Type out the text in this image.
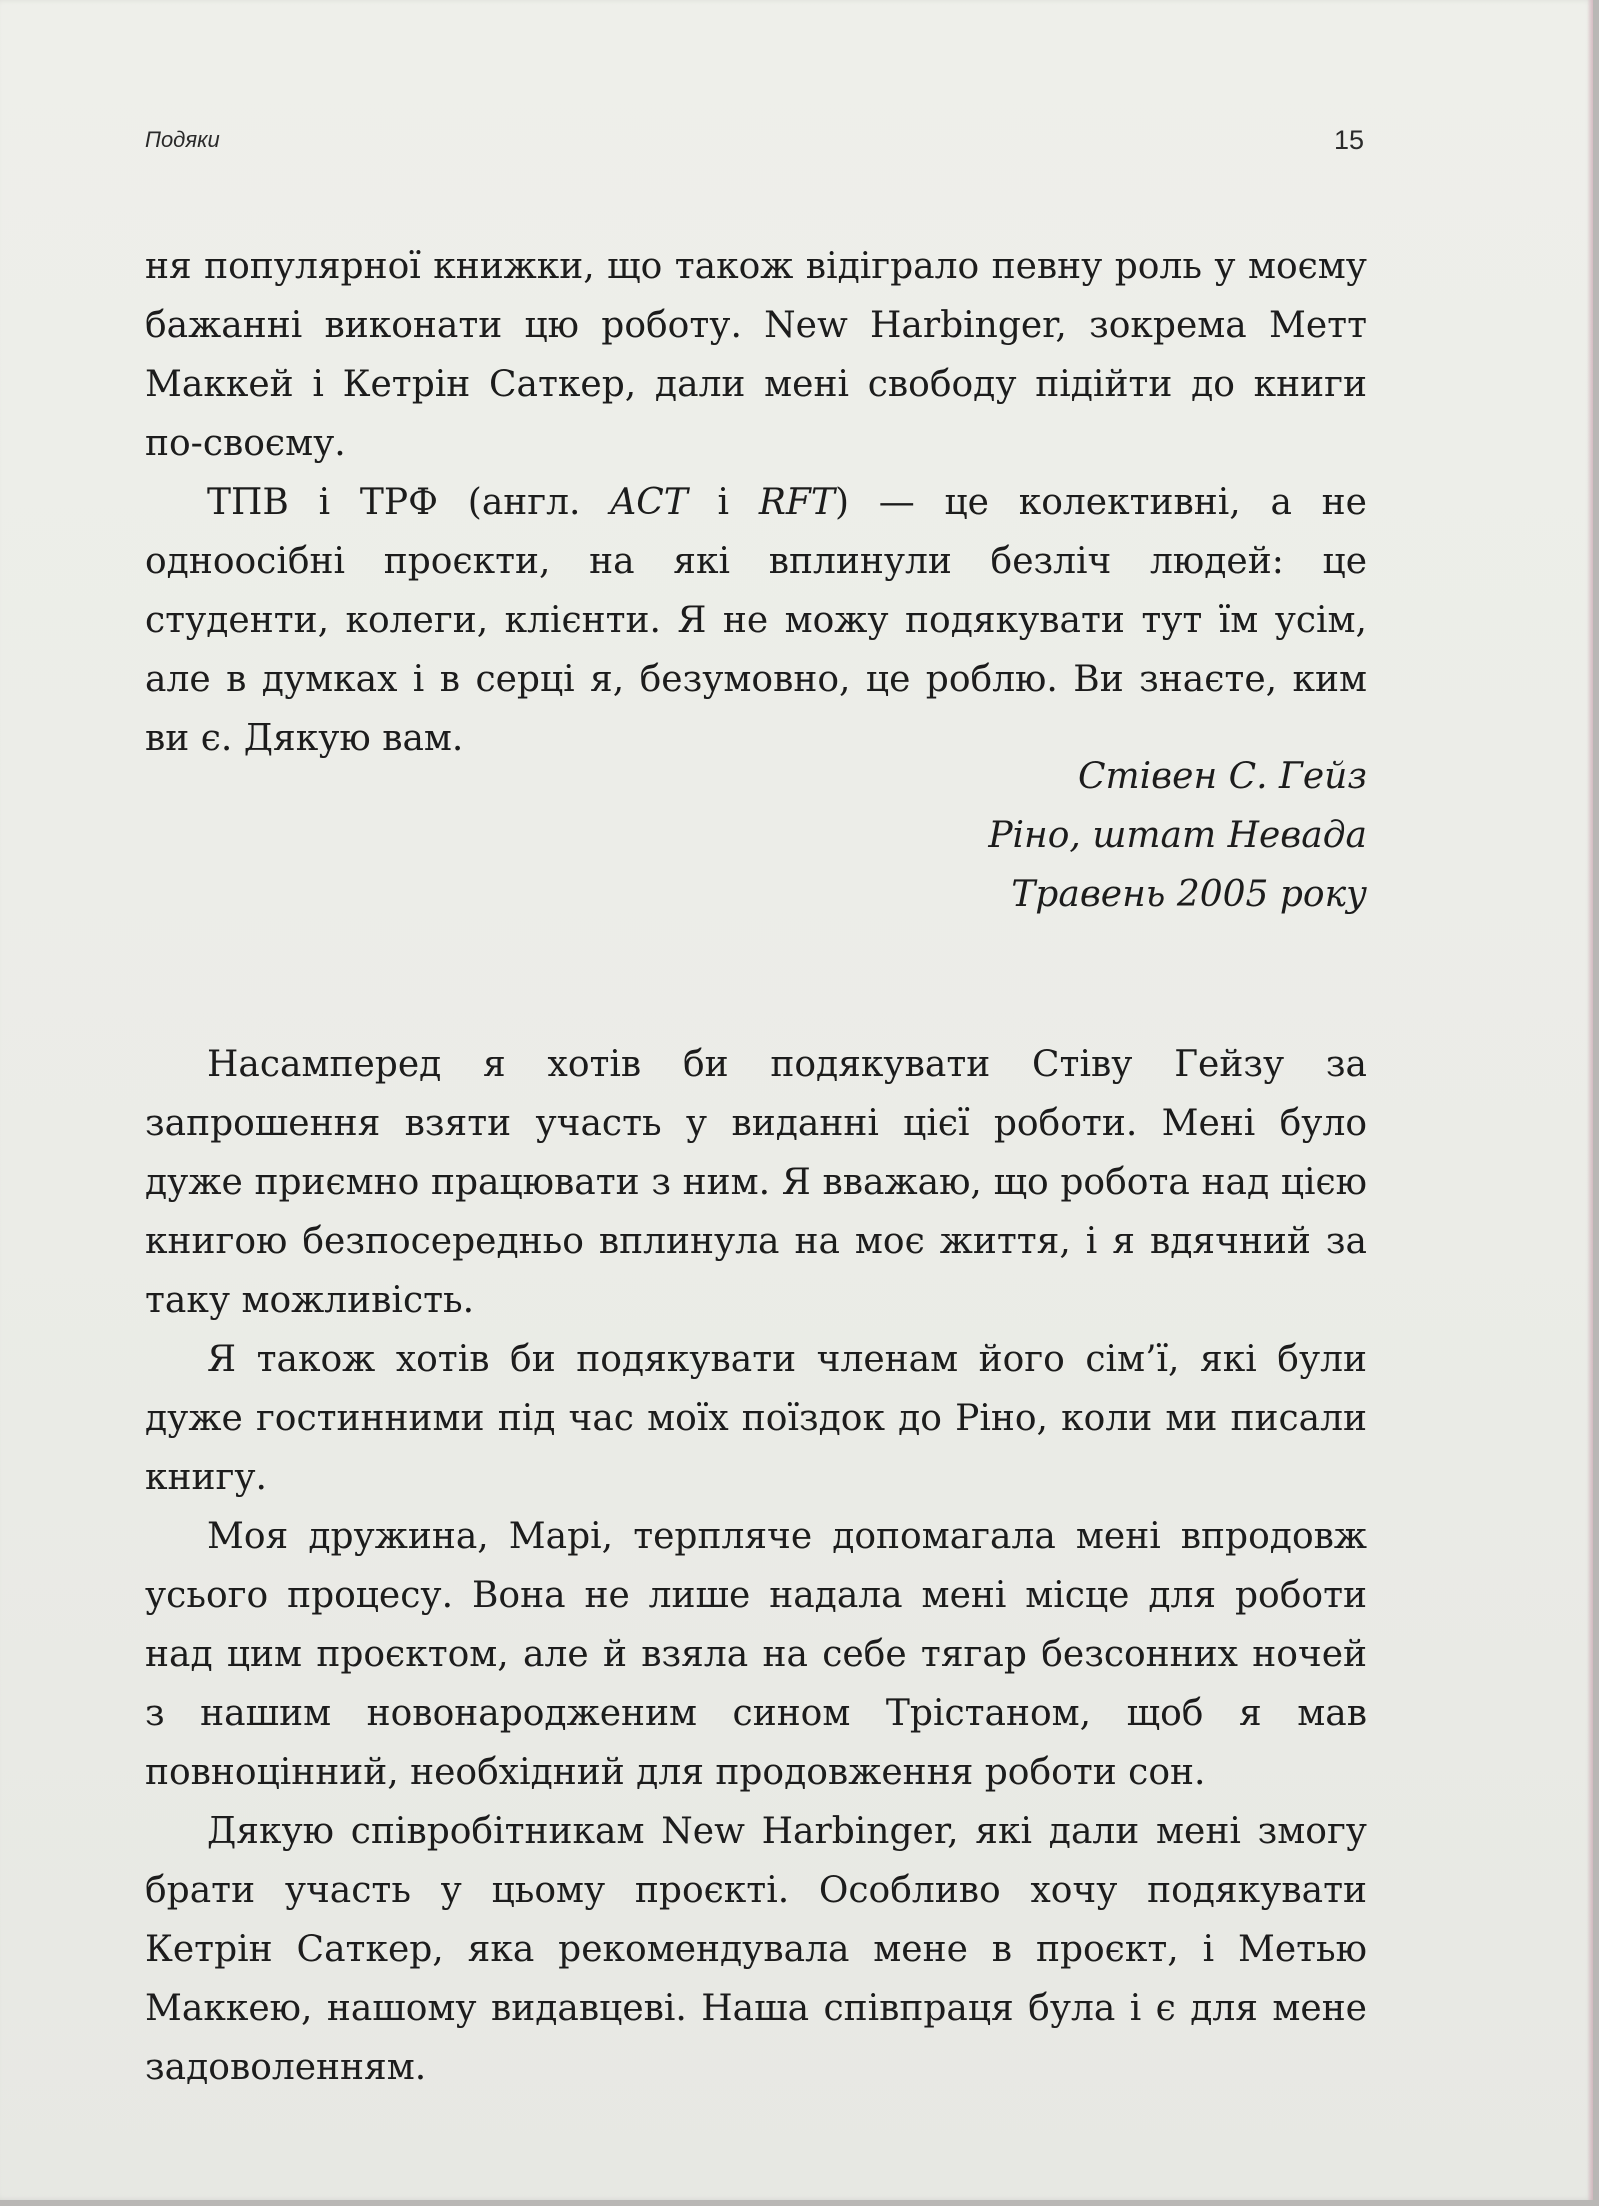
Подяки	15

ня популярної книжки, що також відіграло певну роль у моєму бажанні виконати цю роботу. New Harbinger, зокрема Метт Маккей і Кетрін Саткер, дали мені свободу підійти до книги по-своєму.

ТПВ і ТРФ (англ. ACT і RFT) — це колективні, а не одноосібні проєкти, на які вплинули безліч людей: це студенти, колеги, клієнти. Я не можу подякувати тут їм усім, але в думках і в серці я, безумовно, це роблю. Ви знаєте, ким ви є. Дякую вам.

Стівен С. Гейз
Ріно, штат Невада
Травень 2005 року

Насамперед я хотів би подякувати Стіву Гейзу за запрошення взяти участь у виданні цієї роботи. Мені було дуже приємно працювати з ним. Я вважаю, що робота над цією книгою безпосередньо вплинула на моє життя, і я вдячний за таку можливість.

Я також хотів би подякувати членам його сім’ї, які були дуже гостинними під час моїх поїздок до Ріно, коли ми писали книгу.

Моя дружина, Марі, терпляче допомагала мені впродовж усього процесу. Вона не лише надала мені місце для роботи над цим проєктом, але й взяла на себе тягар безсонних ночей з нашим новонародженим сином Трістаном, щоб я мав повноцінний, необхідний для продовження роботи сон.

Дякую співробітникам New Harbinger, які дали мені змогу брати участь у цьому проєкті. Особливо хочу подякувати Кетрін Саткер, яка рекомендувала мене в проєкт, і Метью Маккею, нашому видавцеві. Наша співпраця була і є для мене задоволенням.
